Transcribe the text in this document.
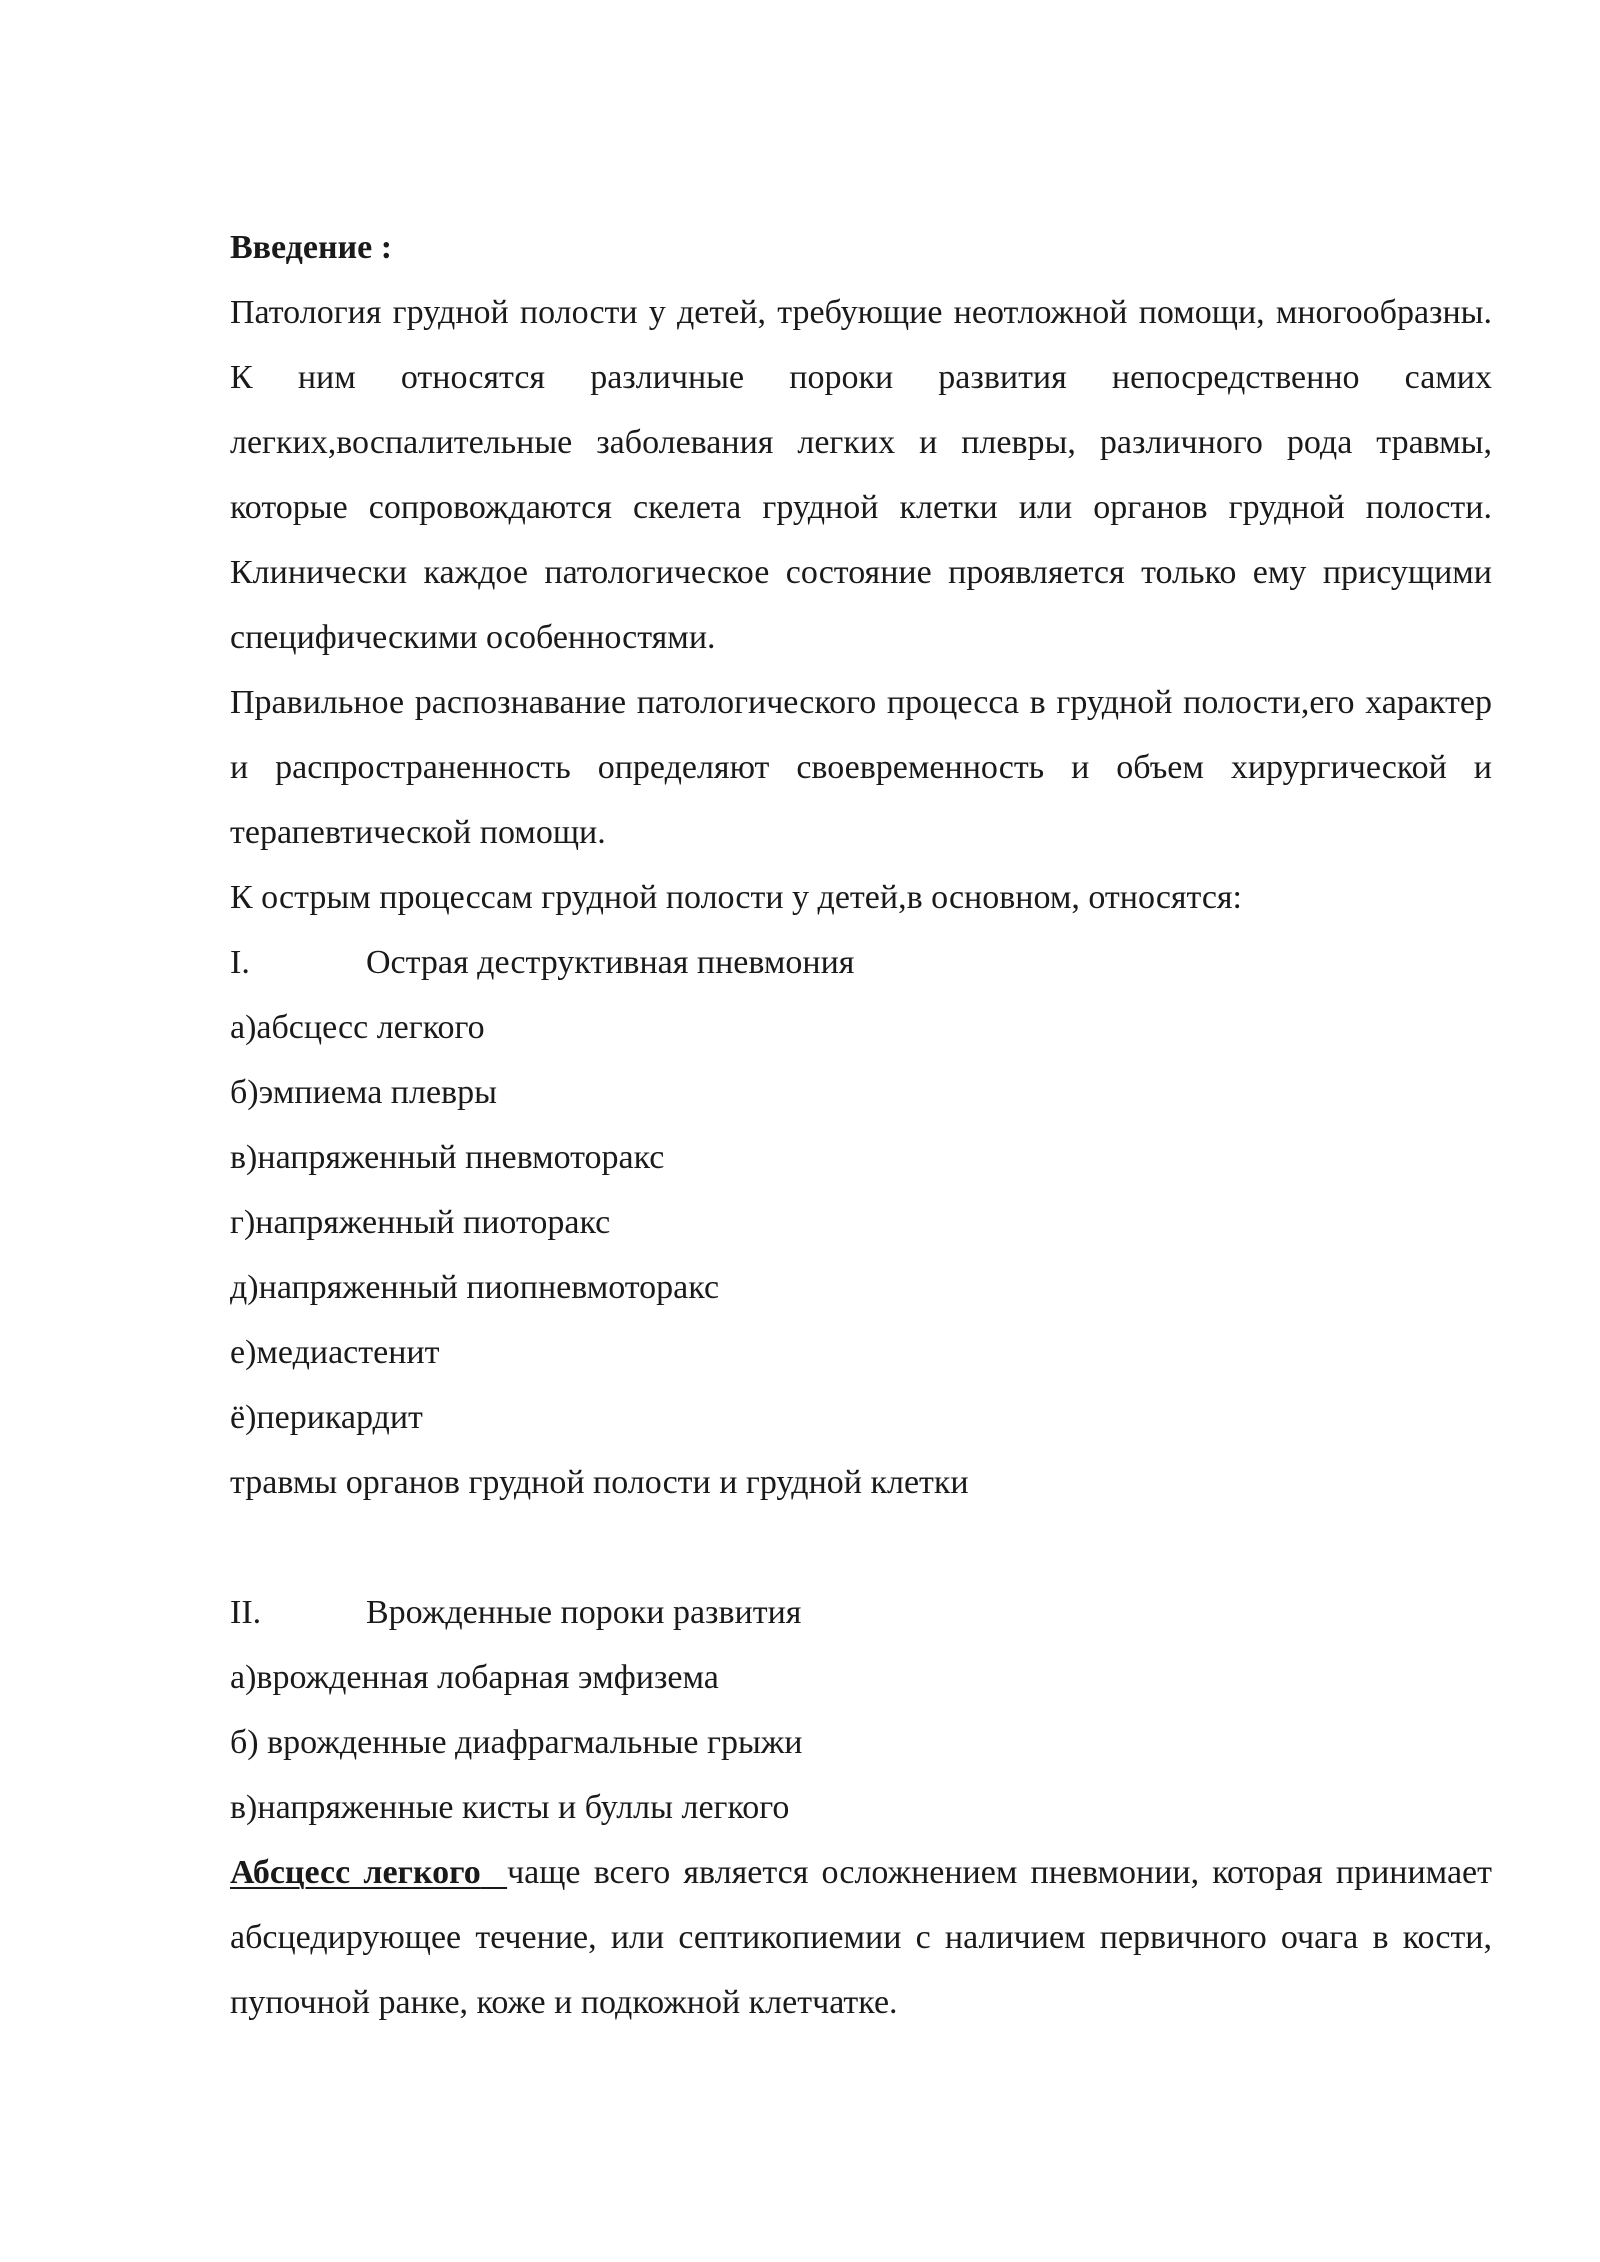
Введение :

Патология грудной полости у детей, требующие неотложной помощи, многообразны. К ним относятся различные пороки развития непосредственно самих легких,воспалительные заболевания легких и плевры, различного рода травмы, которые сопровождаются скелета грудной клетки или органов грудной полости. Клинически каждое патологическое состояние проявляется только ему присущими специфическими особенностями.

Правильное распознавание патологического процесса в грудной полости,его характер и распространенность определяют своевременность и объем хирургической и терапевтической помощи.

К острым процессам грудной полости у детей,в основном, относятся:

I.	Острая деструктивная пневмония

а)абсцесс легкого

б)эмпиема плевры

в)напряженный пневмоторакс

г)напряженный пиоторакс

д)напряженный пиопневмоторакс

е)медиастенит

ё)перикардит

травмы органов грудной полости и грудной клетки

II.	Врожденные пороки развития

а)врожденная лобарная эмфизема

б) врожденные диафрагмальные грыжи

в)напряженные кисты и буллы легкого

Абсцесс легкого чаще всего является осложнением пневмонии, которая принимает абсцедирующее течение, или септикопиемии с наличием первичного очага в кости, пупочной ранке, коже и подкожной клетчатке.
